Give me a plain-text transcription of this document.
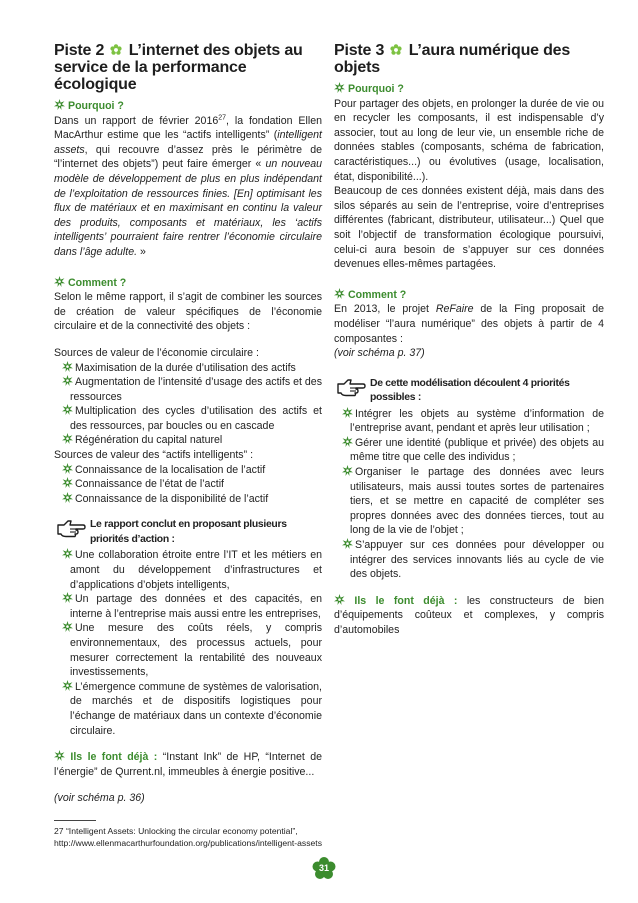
Piste 2 L’internet des objets au service de la performance écologique
Pourquoi ?

Dans un rapport de février 2016$^{27}$, la fondation Ellen MacArthur estime que les “actifs intelligents” (intelligent assets, qui recouvre d’assez près le périmètre de “l’internet des objets”) peut faire émerger « un nouveau modèle de développement de plus en plus indépendant de l’exploitation de ressources finies. [En] optimisant les flux de matériaux et en maximisant en continu la valeur des produits, composants et matériaux, les ‘actifs intelligents’ pourraient faire rentrer l’économie circulaire dans l’âge adulte. »

Comment ?

Selon le même rapport, il s’agit de combiner les sources de création de valeur spécifiques de l’économie circulaire et de la connectivité des objets :

Sources de valeur de l’économie circulaire :
Maximisation de la durée d’utilisation des actifs
Augmentation de l’intensité d’usage des actifs et des ressources
Multiplication des cycles d’utilisation des actifs et des ressources, par boucles ou en cascade
Régénération du capital naturel
Sources de valeur des “actifs intelligents” :
Connaissance de la localisation de l’actif
Connaissance de l’état de l’actif
Connaissance de la disponibilité de l’actif
Le rapport conclut en proposant plusieurs priorités d’action :
Une collaboration étroite entre l’IT et les métiers en amont du développement d’infrastructures et d’applications d’objets intelligents,
Un partage des données et des capacités, en interne à l’entreprise mais aussi entre les entreprises,
Une mesure des coûts réels, y compris environnementaux, des processus actuels, pour mesurer correctement la rentabilité des nouveaux investissements,
L’émergence commune de systèmes de valorisation, de marchés et de dispositifs logistiques pour l’échange de matériaux dans un contexte d’économie circulaire.

Ils le font déjà : “Instant Ink” de HP, “Internet de l’énergie” de Qurrent.nl, immeubles à énergie positive...

(voir schéma p. 36)

27 “Intelligent Assets: Unlocking the circular economy potential”, http://www.ellenmacarthurfoundation.org/publications/intelligent-assets
Piste 3 L’aura numérique des objets
Pourquoi ?

Pour partager des objets, en prolonger la durée de vie ou en recycler les composants, il est indispensable d’y associer, tout au long de leur vie, un ensemble riche de données stables (composants, schéma de fabrication, caractéristiques...) ou évolutives (usage, localisation, état, disponibilité...).

Beaucoup de ces données existent déjà, mais dans des silos séparés au sein de l’entreprise, voire d’entreprises différentes (fabricant, distributeur, utilisateur...) Quel que soit l’objectif de transformation écologique poursuivi, celui-ci aura besoin de s’appuyer sur ces données devenues elles-mêmes partagées.

Comment ?

En 2013, le projet ReFaire de la Fing proposait de modéliser “l’aura numérique” des objets à partir de 4 composantes :
(voir schéma p. 37)

De cette modélisation découlent 4 priorités possibles :
Intégrer les objets au système d’information de l’entreprise avant, pendant et après leur utilisation ;
Gérer une identité (publique et privée) des objets au même titre que celle des individus ;
Organiser le partage des données avec leurs utilisateurs, mais aussi toutes sortes de partenaires tiers, et se mettre en capacité de compléter ses propres données avec des données tierces, tout au long de la vie de l’objet ;
S’appuyer sur ces données pour développer ou intégrer des services innovants liés au cycle de vie des objets.

Ils le font déjà : les constructeurs de bien d’équipements coûteux et complexes, y compris d’automobiles

31
